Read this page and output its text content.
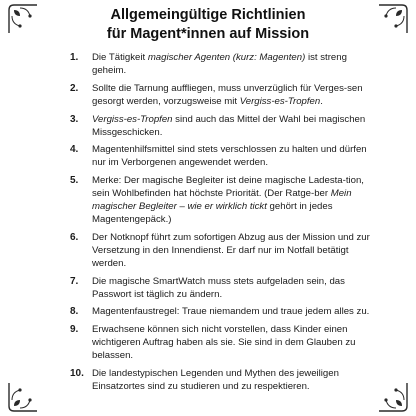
Allgemeingültige Richtlinien
für Magent*innen auf Mission
1. Die Tätigkeit magischer Agenten (kurz: Magenten) ist streng geheim.
2. Sollte die Tarnung auffliegen, muss unverzüglich für Verges-sen gesorgt werden, vorzugsweise mit Vergiss-es-Tropfen.
3. Vergiss-es-Tropfen sind auch das Mittel der Wahl bei magischen Missgeschicken.
4. Magentenhilfsmittel sind stets verschlossen zu halten und dürfen nur im Verborgenen angewendet werden.
5. Merke: Der magische Begleiter ist deine magische Ladesta-tion, sein Wohlbefinden hat höchste Priorität. (Der Ratge-ber Mein magischer Begleiter – wie er wirklich tickt gehört in jedes Magentengepäck.)
6. Der Notknopf führt zum sofortigen Abzug aus der Mission und zur Versetzung in den Innendienst. Er darf nur im Notfall betätigt werden.
7. Die magische SmartWatch muss stets aufgeladen sein, das Passwort ist täglich zu ändern.
8. Magentenfaustregel: Traue niemandem und traue jedem alles zu.
9. Erwachsene können sich nicht vorstellen, dass Kinder einen wichtigeren Auftrag haben als sie. Sie sind in dem Glauben zu belassen.
10. Die landestypischen Legenden und Mythen des jeweiligen Einsatzortes sind zu studieren und zu respektieren.
